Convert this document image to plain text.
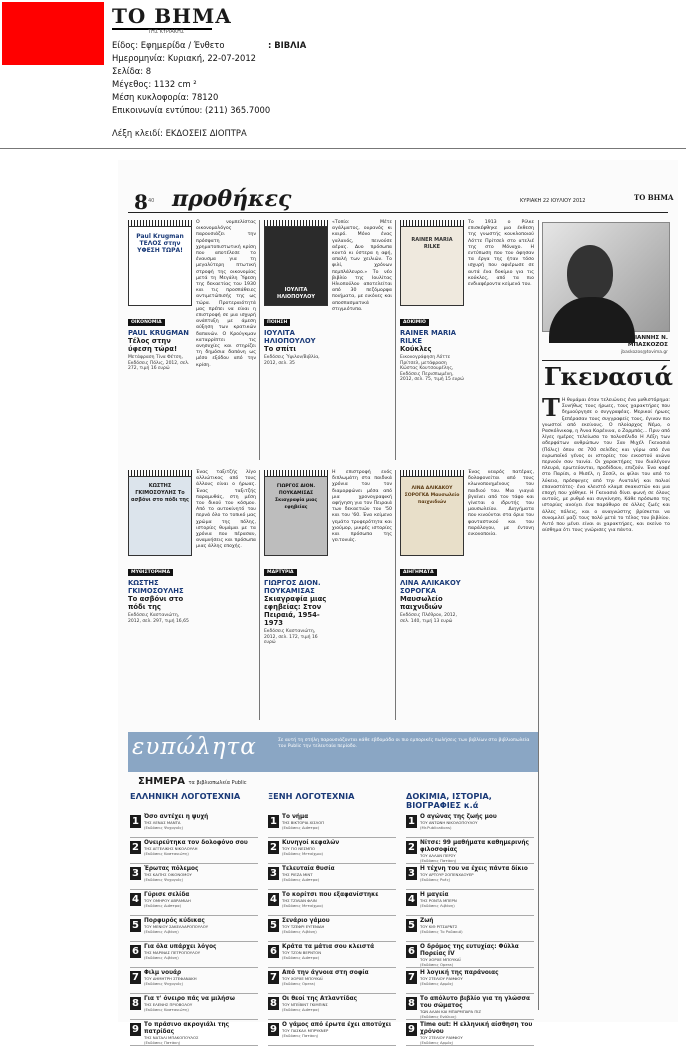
ΤΟ ΒΗΜΑ
ΤΗΣ ΚΥΡΙΑΚΗΣ
Είδος: Εφημερίδα / Ένθετο	: ΒΙΒΛΙΑ
Ημερομηνία: Κυριακή, 22-07-2012
Σελίδα: 8
Μέγεθος: 1132 cm ²
Μέση κυκλοφορία: 78120
Επικοινωνία εντύπου: (211) 365.7000
Λέξη κλειδί: ΕΚΔΟΣΕΙΣ ΔΙΟΠΤΡΑ
8 40 προθήκες	ΚΥΡΙΑΚΗ 22 ΙΟΥΛΙΟΥ 2012	ΤΟ ΒΗΜΑ
Paul Krugman ΤΕΛΟΣ στην ΥΦΕΣΗ ΤΩΡΑ!
ΟΙΚΟΝΟΜΙΑ
PAUL KRUGMAN
Τέλος στην ύφεση τώρα!
Μετάφραση Τίνα Φέτση, Εκδόσεις Πόλις, 2012, σελ. 272, τιμή 16 ευρώ
Ο νομπελίστας οικονομολόγος παρουσιάζει την πρόσφατη χρηματοπιστωτική κρίση που αποτέλεσε το έναυσμα για τη μεγαλύτερη πτωτική στροφή της οικονομίας μετά τη Μεγάλη Ύφεση της δεκαετίας του 1930 και τις προσπάθειες αντιμετώπισής της ως τώρα. Προτεραιότητά μας πρέπει να είναι η επιστροφή σε μια ισχυρή ανάπτυξη με άμεση αύξηση των κρατικών δαπανών. Ο Κρούγκμαν καταρρίπτει τις ανησυχίες και στηρίζει τη δημόσια δαπάνη ως μέσο εξόδου από την κρίση.
ΙΟΥΛΙΤΑ ΗΛΙΟΠΟΥΛΟΥ
ΠΟΙΗΣΗ
ΙΟΥΛΙΤΑ ΗΛΙΟΠΟΥΛΟΥ
Το σπίτι
Εκδόσεις Ύψιλον/Βιβλία, 2012, σελ. 35
«Τοπίο: Μέτε αγάλματος, ουρανός κι καιρό. Μόνο ένας γαλανός, πεινούσε αέρας. Δυο πρόσωπα κοντά κι ύστερα η αφή, απαλή των χειλιών. Το φιλί, χρόνων πεμπλάλευρο.» Το νέο βιβλίο της Ιουλίτας Ηλιοπούλου αποτελείται από 30 πεζόμορφα ποιήματα, με εικόνες και αποσπασματικά στιγμιότυπα.
RAINER MARIA RILKE
ΔΟΚΙΜΙΟ
RAINER MARIA RILKE
Κούκλες
Εικονογράφηση Λόττε Πρίτσελ, μετάφραση Κώστας Κουτσουρέλης, Εκδόσεις Περισπωμένη, 2012, σελ. 75, τιμή 15 ευρώ
Το 1913 ο Ρίλκε επισκέφθηκε μια έκθεση της γνωστής κουκλοποιού Λόττε Πρίτσελ στο ατελιέ της στο Μόναχο. Η εντύπωση που του άφησαν τα έργα της ήταν τόσο ισχυρή που αφιέρωσε σε αυτά ένα δοκίμιο για τις κούκλες, από τα πιο ενδιαφέροντα κείμενά του.
ΚΩΣΤΗΣ ΓΚΙΜΟΣΟΥΛΗΣ Το ασβόνι στο πόδι της
ΜΥΘΙΣΤΟΡΗΜΑ
ΚΩΣΤΗΣ ΓΚΙΜΟΣΟΥΛΗΣ
Το ασβόνι στο πόδι της
Εκδόσεις Καστανιώτη, 2012, σελ. 297, τιμή 16,65
Ένας ταξιτζής λίγο αλλιώτικος από τους άλλους είναι ο ήρωας. Ένας ταξιτζής παραμυθάς, στη μέση του δικού του κόσμου. Από το αυτοκίνητό του περνά όλο το τοπικό μας χρώμα της πόλης, ιστορίες θυμάμαι με τα χρόνια που πέρασαν, αναμνήσεις και πρόσωπα μιας άλλης εποχής.
ΓΙΩΡΓΟΣ ΔΙΟΝ. ΠΟΥΚΑΜΙΣΑΣ Σκιαγραφία μιας εφηβείας
ΜΑΡΤΥΡΙΑ
ΓΙΩΡΓΟΣ ΔΙΟΝ. ΠΟΥΚΑΜΙΣΑΣ
Σκιαγραφία μιας εφηβείας: Στον Πειραιά, 1954-1973
Εκδόσεις Καστανιώτη, 2012, σελ. 172, τιμή 16 ευρώ
Η επιστροφή ενός διπλωμάτη στα παιδικά χρόνια του τον διαμορφώνει μέσα από μια χρονογραφική αφήγηση για τον Πειραιά των δεκαετιών του '50 και του '60. Ένα κείμενο γεμάτο τρυφερότητα και χιούμορ, μικρές ιστορίες και πρόσωπα της γειτονιάς.
ΛΙΝΑ ΑΛΙΚΑΚΟΥ ΣΟΡΟΓΚΑ Μαυσωλείο παιχνιδιών
ΔΙΗΓΗΜΑΤΑ
ΛΙΝΑ ΑΛΙΚΑΚΟΥ ΣΟΡΟΓΚΑ
Μαυσωλείο παιχνιδιών
Εκδόσεις Πλέθρον, 2012, σελ. 140, τιμή 13 ευρώ
Ένας νεαρός πατέρας, δολοφονείται από τους κλωνοποιημένους του παιδιού του. Μια γιαγιά βγαίνει από τον τάφο και γίνεται ο ιδρυτής του μαυσωλείου. Διηγήματα που κινούνται στα όρια του φανταστικού και του παράλογου, με έντονη εικονοποιία.
ΓΙΑΝΝΗΣ Ν. ΜΠΑΣΚΟΖΟΣ
jbaskozos@tovima.gr
Γκενασιά
Τ Η θυμάμαι όταν τελειώνεις ένα μυθιστόρημα: Συνήθως τους ήρωες, τους χαρακτήρες που δημιούργησε ο συγγραφέας. Μερικοί ήρωες ξεπέρασαν τους συγγραφείς τους, έγιναν πιο γνωστοί από εκείνους. Ο πλοίαρχος Νέμο, ο Ρασκόλνικοφ, η Άννα Καρένινα, ο Ζορμπάς... Πριν από λίγες ημέρες τελείωσα το πολυσέλιδο Η Λέξη των αδερφάτων ανθρώπων του Σαν Μιχέλ Γκενασιά (Πόλις) όπου σε 700 σελίδες και γύρω από ένα ευρωπαϊκό γένος οι ιστορίες του εικοστού αιώνα περνούν σαν ταινία. Οι χαρακτήρες του διαλέγουν πλευρά, ερωτεύονται, προδίδουν, επιζούν. Ένα καφέ στο Παρίσι, ο Μισέλ, η Σεσίλ, οι φίλοι του από το λύκειο, πρόσφυγες από την Ανατολή και παλιοί επαναστάτες· ένα κλειστό κλαμπ σκακιστών και μια εποχή που χάθηκε. Η Γκενασιά δίνει φωνή σε όλους αυτούς, με ρυθμό και συγκίνηση. Κάθε πρόσωπο της ιστορίας ανοίγει ένα παράθυρο σε άλλες ζωές και άλλες πόλεις, και ο αναγνώστης βρίσκεται να συνομιλεί μαζί τους πολύ μετά το τέλος του βιβλίου. Αυτό που μένει είναι οι χαρακτήρες, και εκείνο το αίσθημα ότι τους γνώρισες για πάντα.
ευπώλητα	Σε αυτή τη στήλη παρουσιάζονται κάθε εβδομάδα οι πιο εμπορικές πωλήσεις των βιβλίων στα βιβλιοπωλεία του Public την τελευταία περίοδο.
ΣΗΜΕΡΑ τα βιβλιοπωλεία Public
ΕΛΛΗΝΙΚΗ ΛΟΓΟΤΕΧΝΙΑ
1 Όσο αντέχει η ψυχή
ΤΗΣ ΛΕΝΑΣ ΜΑΝΤΑ
(Εκδόσεις Ψυχογιός)
2 Ονειρεύτηκα τον δολοφόνο σου
ΤΗΣ ΑΓΓΕΛΙΚΗΣ ΝΙΚΟΛΟΥΛΗ
(Εκδόσεις Καστανιώτη)
3 Έρωτας πόλεμος
ΤΗΣ ΚΑΙΤΗΣ ΟΙΚΟΝΟΜΟΥ
(Εκδόσεις Ψυχογιός)
4 Γύρισε σελίδα
ΤΟΥ ΟΜΗΡΟΥ ΑΒΡΑΜΙΔΗ
(Εκδόσεις Διόπτρα)
5 Πορφυρός κύδικας
ΤΟΥ ΜΕΝΙΟΥ ΣΑΚΕΛΛΑΡΟΠΟΥΛΟΥ
(Εκδόσεις Λιβάνη)
6 Για όλα υπάρχει λόγος
ΤΗΣ ΜΑΡΙΝΑΣ ΠΕΤΡΟΠΟΥΛΟΥ
(Εκδόσεις Λιβάνη)
7 Φιλμ νουάρ
ΤΟΥ ΔΗΜΗΤΡΗ ΣΤΕΦΑΝΑΚΗ
(Εκδόσεις Ψυχογιός)
8 Για τ' όνειρο πάς να μιλήσω
ΤΗΣ ΕΛΕΝΗΣ ΠΡΙΟΒΟΛΟΥ
(Εκδόσεις Καστανιώτη)
9 Το πράσινο ακρογιάλι της πατρίδας
ΤΗΣ ΝΑΤΑΛΙ ΜΠΑΚΟΠΟΥΛΟΣ
(Εκδόσεις Πατάκη)
ΞΕΝΗ ΛΟΓΟΤΕΧΝΙΑ
1 Το νήμα
ΤΗΣ ΒΙΚΤΟΡΙΑ ΧΙΣΛΟΠ
(Εκδόσεις Διόπτρα)
2 Κυνηγοί κεφαλών
ΤΟΥ ΓΙΟ ΝΕΣΜΠΟ
(Εκδόσεις Μεταίχμιο)
3 Τελευταία θυσία
ΤΗΣ ΡΙΕΖΑ ΜΙΝΤ
(Εκδόσεις Διόπτρα)
4 Το κορίτσι που εξαφανίστηκε
ΤΗΣ ΤΖΙΛΙΑΝ ΦΛΙΝ
(Εκδόσεις Μεταίχμιο)
5 Σενάριο γάμου
ΤΟΥ ΤΖΕΦΡΙ ΕΥΓΕΝΙΔΗ
(Εκδόσεις Λιβάνη)
6 Κράτα τα μάτια σου κλειστά
ΤΟΥ ΤΖΟΝ ΒΕΡΝΤΟΝ
(Εκδόσεις Διόπτρα)
7 Από την άγνοια στη σοφία
ΤΟΥ ΧΟΡΧΕ ΜΠΟΥΚΑΪ
(Εκδόσεις Opera)
8 Οι θεοί της Ατλαντίδας
ΤΟΥ ΝΤΕΪΒΙΝΤ ΓΚΙΜΠΙΝΣ
(Εκδόσεις Διόπτρα)
9 Ο γάμος από έρωτα έχει αποτύχει
ΤΟΥ ΠΑΣΚΑΛ ΜΠΡΥΚΝΕΡ
(Εκδόσεις Πατάκη)
ΔΟΚΙΜΙΑ, ΙΣΤΟΡΙΑ, ΒΙΟΓΡΑΦΙΕΣ κ.ά
1 Ο αγώνας της ζωής μου
ΤΟΥ ΑΝΤΩΝΗ ΝΙΚΟΛΟΠΟΥΛΟΥ
(Mr.Publications)
2 Νίτσε: 99 μαθήματα καθημερινής φιλοσοφίας
ΤΟΥ ΑΛΛΑΝ ΠΕΡΣΥ
(Εκδόσεις Πατάκη)
3 Η τέχνη του να έχεις πάντα δίκιο
ΤΟΥ ΑΡΤΟΥΡ ΣΟΠΕΝΧΑΟΥΕΡ
(Εκδόσεις Ροές)
4 Η μαγεία
ΤΗΣ ΡΟΝΤΑ ΜΠΕΡΝ
(Εκδόσεις Λιβάνη)
5 Ζωή
ΤΟΥ ΚΙΘ ΡΙΤΣΑΡΝΤΣ
(Εκδόσεις Το Ροδακιό)
6 Ο δρόμος της ευτυχίας: Φύλλα Πορείας IV
ΤΟΥ ΧΟΡΧΕ ΜΠΟΥΚΑΪ
(Εκδόσεις Opera)
7 Η λογική της παράνοιας
ΤΟΥ ΣΤΕΛΙΟΥ ΡΑΜΦΟΥ
(Εκδόσεις Αρμός)
8 Το απόλυτο βιβλίο για τη γλώσσα του σώματος
ΤΩΝ ΑΛΑΝ ΚΑΙ ΜΠΑΡΜΠΑΡΑ ΠΙΖ
(Εκδόσεις Ενάλιος)
9 Time out: Η ελληνική αίσθηση του χρόνου
ΤΟΥ ΣΤΕΛΙΟΥ ΡΑΜΦΟΥ
(Εκδόσεις Αρμός)
